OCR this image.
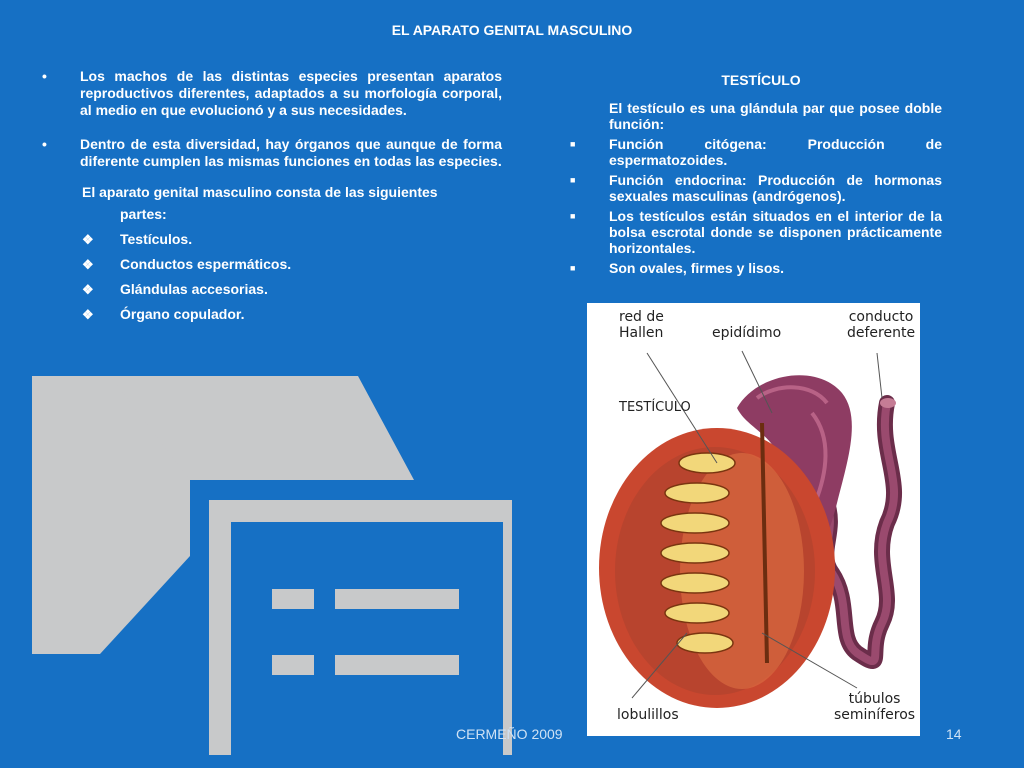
EL APARATO GENITAL MASCULINO
•	Los machos de las distintas especies presentan aparatos reproductivos diferentes, adaptados a su morfología corporal, al medio en que evolucionó y a sus necesidades.
•	Dentro de esta diversidad, hay órganos que aunque de forma diferente cumplen las mismas funciones en todas las especies.
El aparato genital masculino consta de las siguientes
partes:
❖	Testículos.
❖	Conductos espermáticos.
❖	Glándulas accesorias.
❖	Órgano copulador.
TESTÍCULO
El testículo es una glándula par que posee doble función:
■	Función citógena: Producción de espermatozoides.
■	Función endocrina: Producción de hormonas sexuales masculinas (andrógenos).
■	Los testículos están situados en el interior de la bolsa escrotal donde se disponen prácticamente horizontales.
■	Son ovales, firmes y lisos.
red de
Hallen	epidídimo
conducto
deferente
TESTÍCULO
lobulillos
túbulos
seminíferos
CERMEÑO 2009	14
